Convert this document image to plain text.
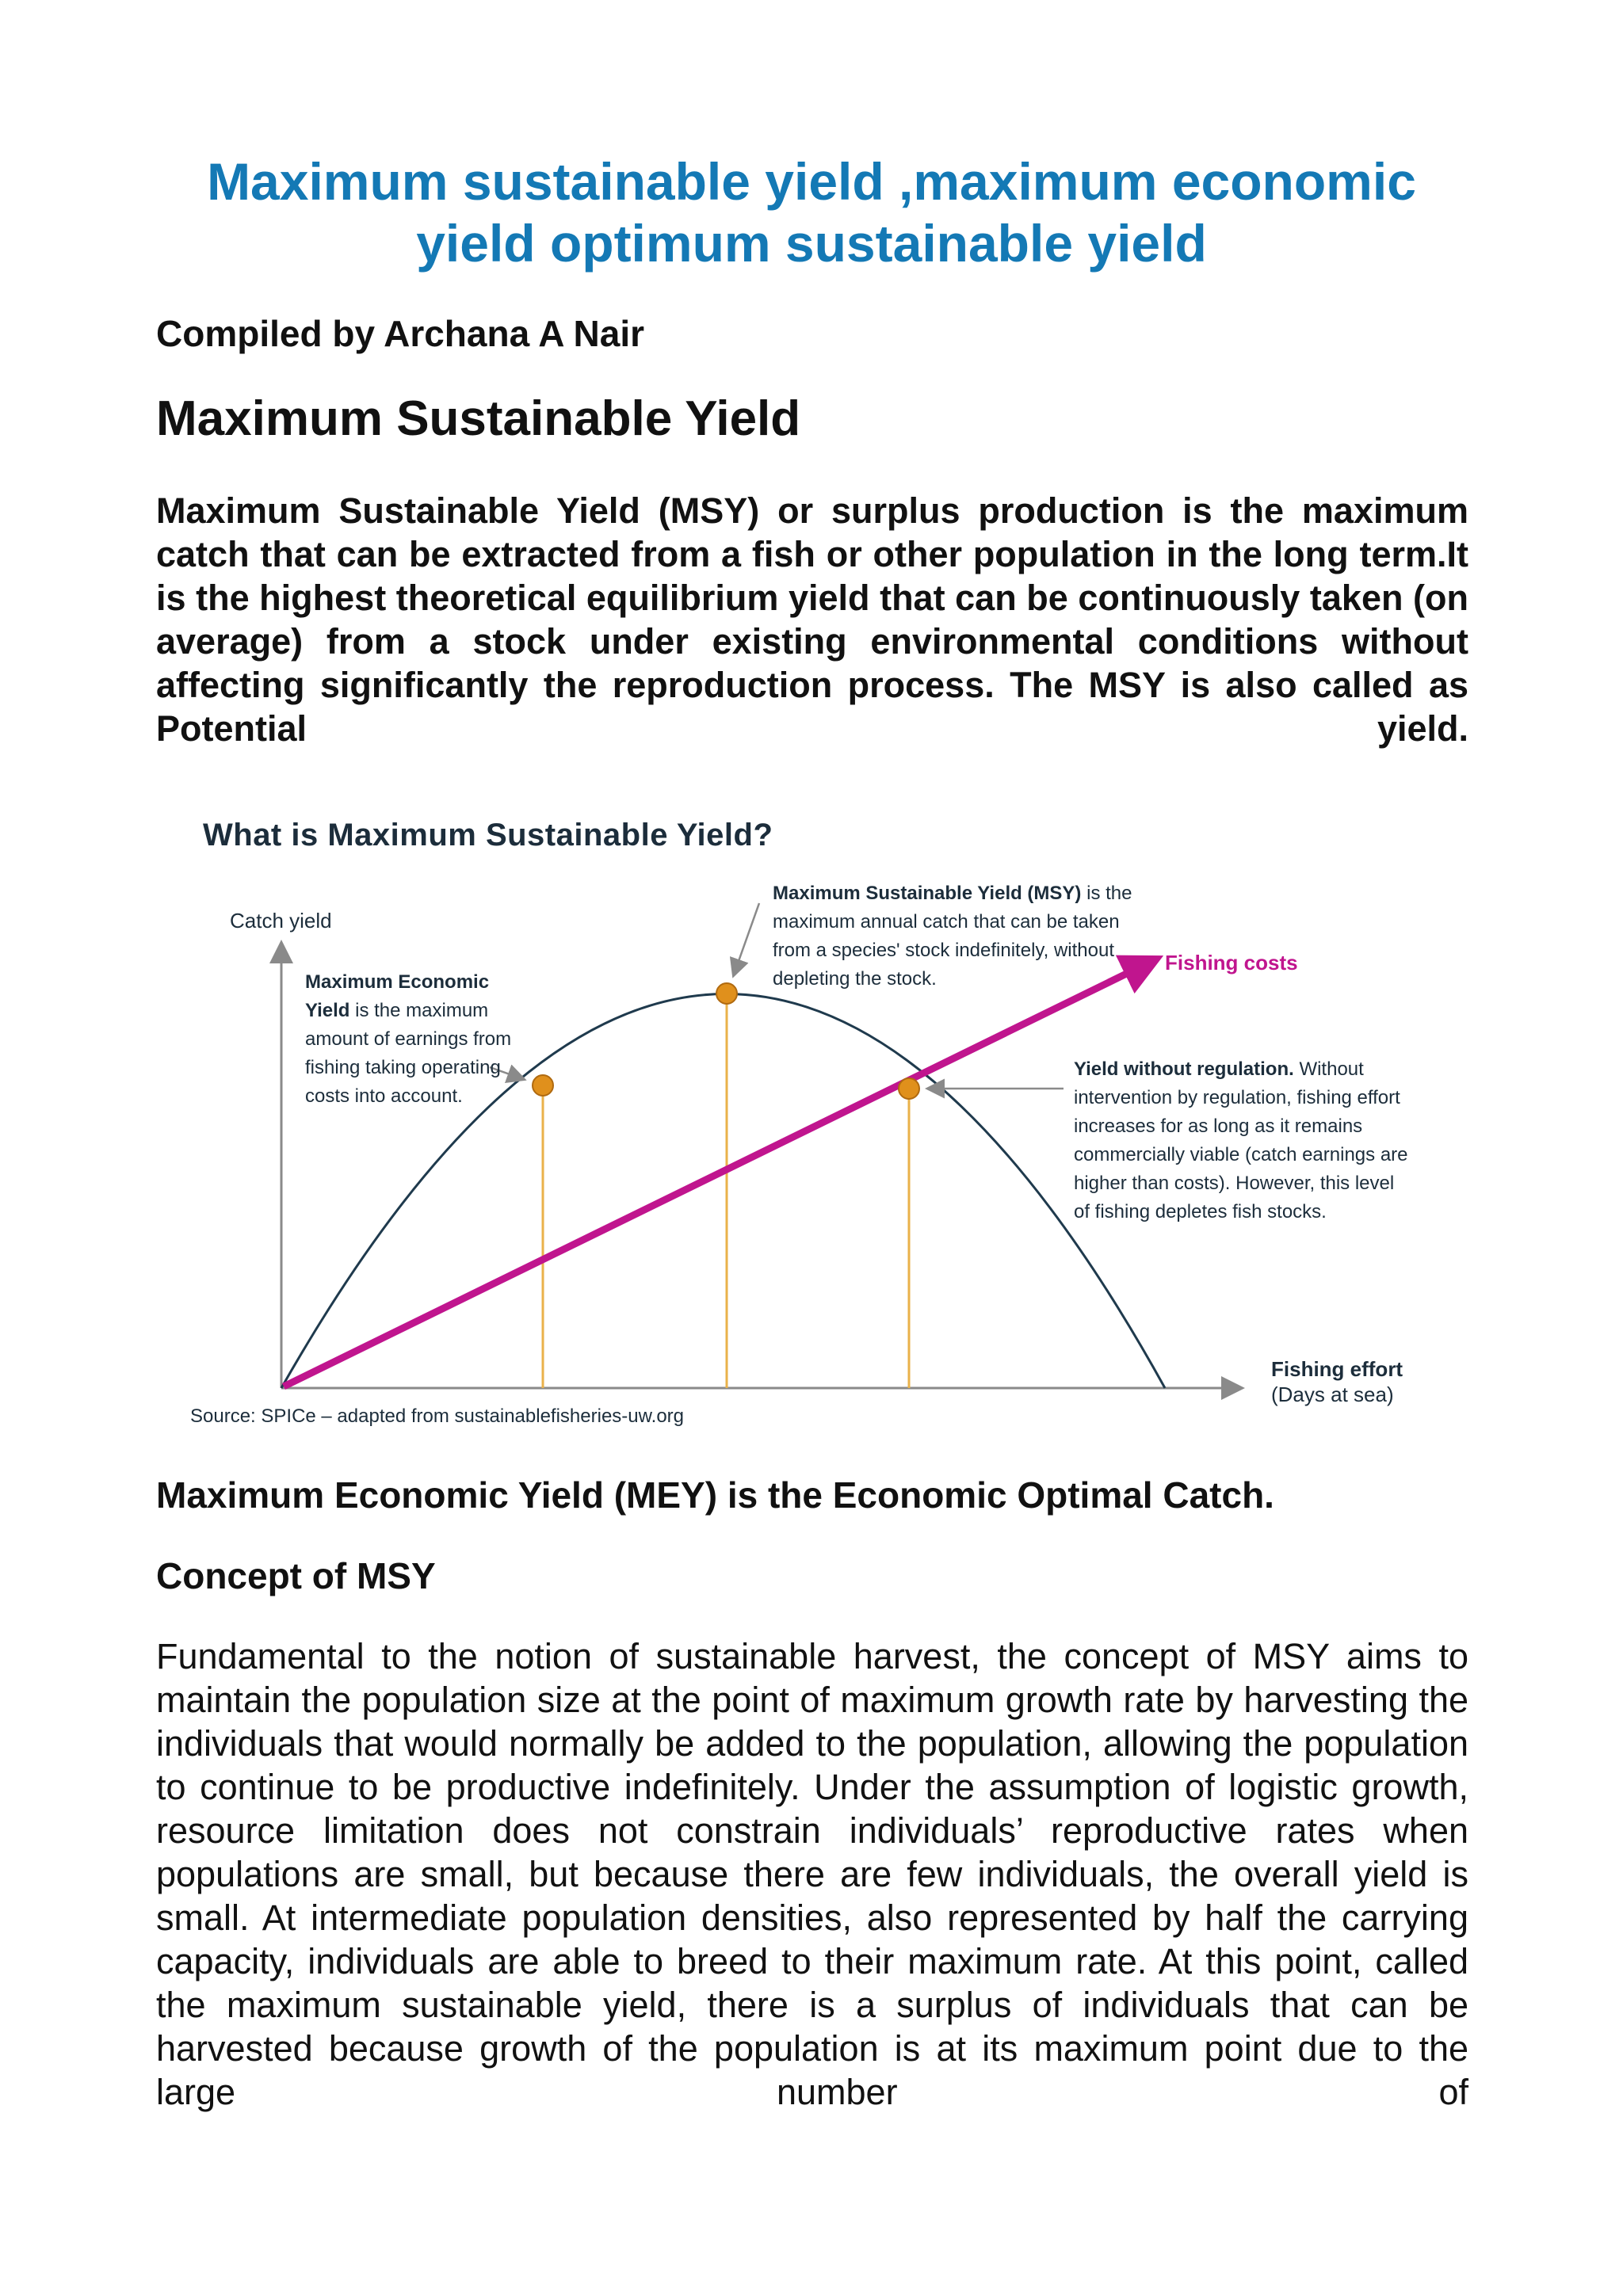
Maximum sustainable yield ,maximum economic yield optimum sustainable yield

Compiled by Archana A Nair

Maximum Sustainable Yield

Maximum Sustainable Yield (MSY) or surplus production is the maximum catch that can be extracted from a fish or other population in the long term.It is the highest theoretical equilibrium yield that can be continuously taken (on average) from a stock under existing environmental conditions without affecting significantly the reproduction process. The MSY is also called as Potential yield.

What is Maximum Sustainable Yield?

Catch yield
Maximum Economic Yield is the maximum amount of earnings from fishing taking operating costs into account.
Maximum Sustainable Yield (MSY) is the maximum annual catch that can be taken from a species' stock indefinitely, without depleting the stock.
Fishing costs
Yield without regulation. Without intervention by regulation, fishing effort increases for as long as it remains commercially viable (catch earnings are higher than costs). However, this level of fishing depletes fish stocks.
Fishing effort
(Days at sea)
Source: SPICe – adapted from sustainablefisheries-uw.org

Maximum Economic Yield (MEY) is the Economic Optimal Catch.

Concept of MSY

Fundamental to the notion of sustainable harvest, the concept of MSY aims to maintain the population size at the point of maximum growth rate by harvesting the individuals that would normally be added to the population, allowing the population to continue to be productive indefinitely. Under the assumption of logistic growth, resource limitation does not constrain individuals’ reproductive rates when populations are small, but because there are few individuals, the overall yield is small. At intermediate population densities, also represented by half the carrying capacity, individuals are able to breed to their maximum rate. At this point, called the maximum sustainable yield, there is a surplus of individuals that can be harvested because growth of the population is at its maximum point due to the large number of
